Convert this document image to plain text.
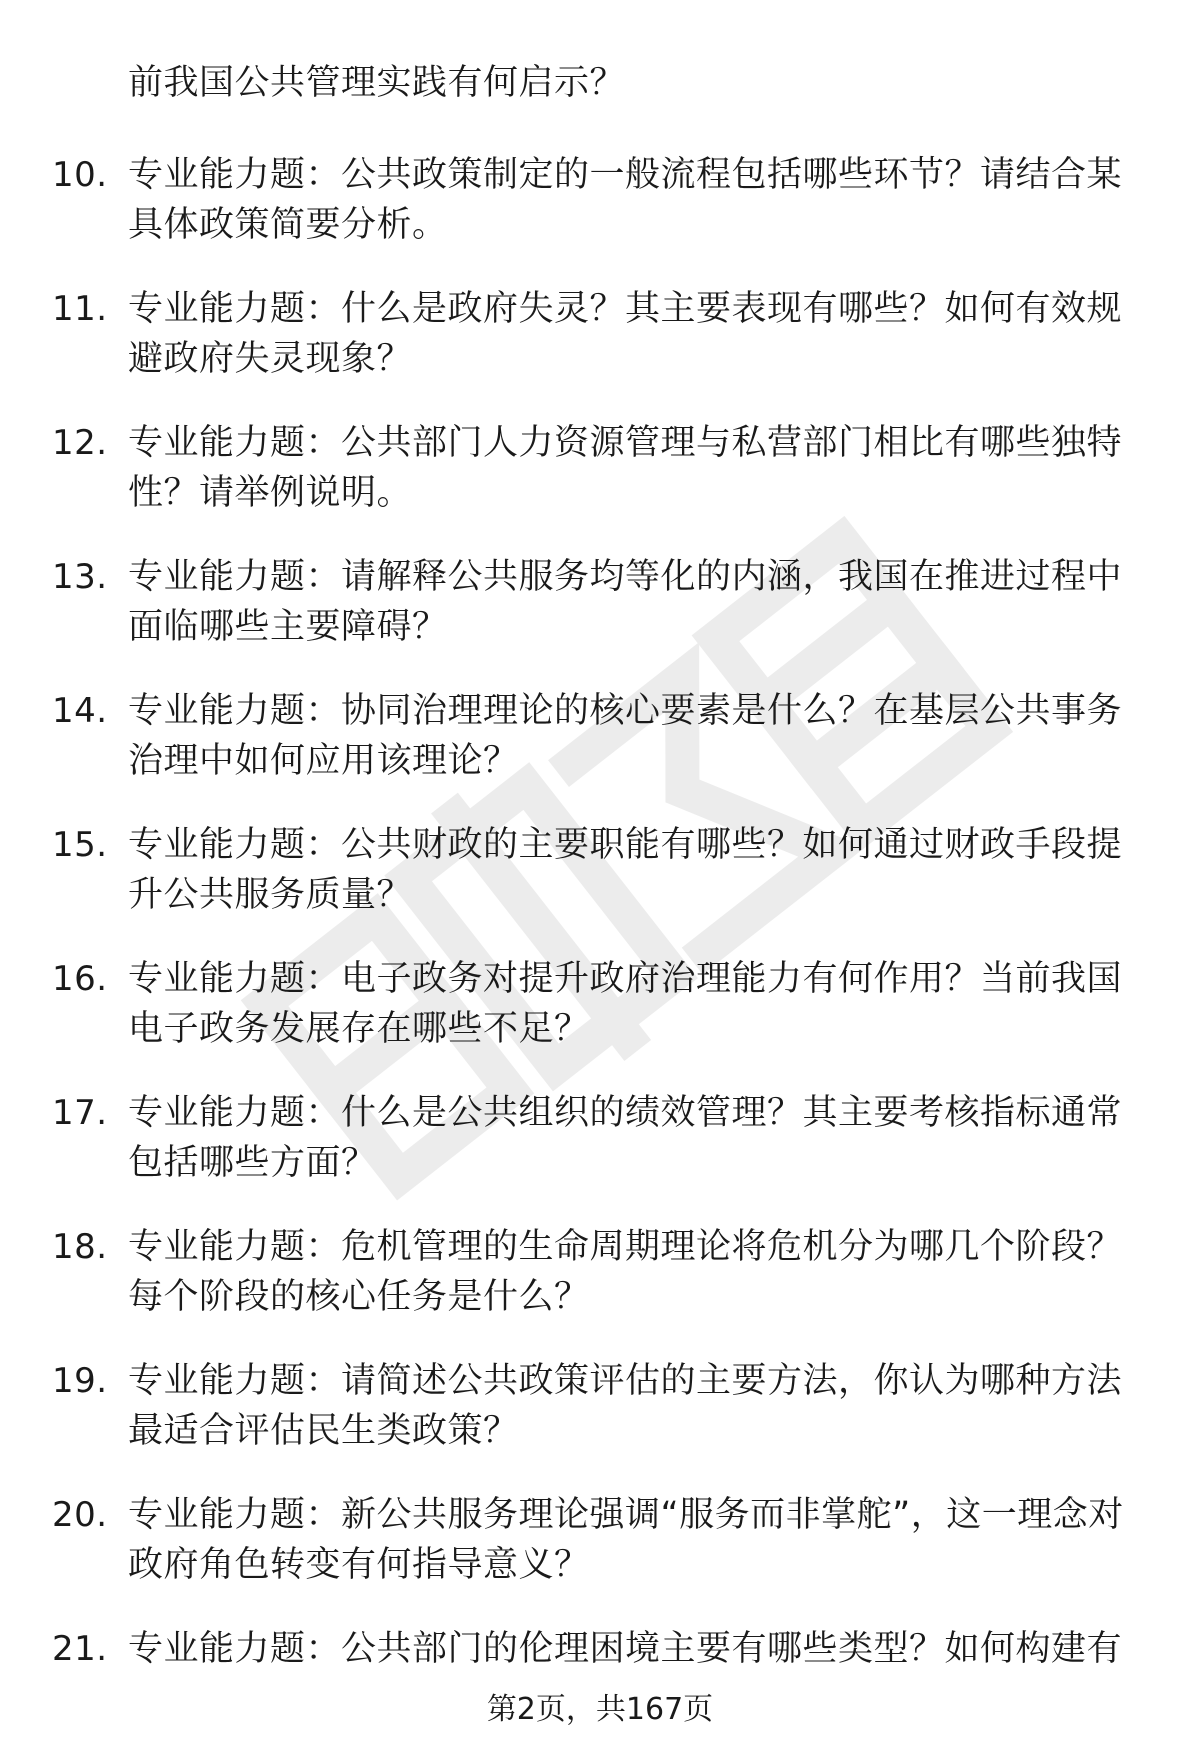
前我国公共管理实践有何启示？
10. 专业能力题：公共政策制定的一般流程包括哪些环节？请结合某具体政策简要分析。
11. 专业能力题：什么是政府失灵？其主要表现有哪些？如何有效规避政府失灵现象？
12. 专业能力题：公共部门人力资源管理与私营部门相比有哪些独特性？请举例说明。
13. 专业能力题：请解释公共服务均等化的内涵，我国在推进过程中面临哪些主要障碍？
14. 专业能力题：协同治理理论的核心要素是什么？在基层公共事务治理中如何应用该理论？
15. 专业能力题：公共财政的主要职能有哪些？如何通过财政手段提升公共服务质量？
16. 专业能力题：电子政务对提升政府治理能力有何作用？当前我国电子政务发展存在哪些不足？
17. 专业能力题：什么是公共组织的绩效管理？其主要考核指标通常包括哪些方面？
18. 专业能力题：危机管理的生命周期理论将危机分为哪几个阶段？每个阶段的核心任务是什么？
19. 专业能力题：请简述公共政策评估的主要方法，你认为哪种方法最适合评估民生类政策？
20. 专业能力题：新公共服务理论强调“服务而非掌舵”，这一理念对政府角色转变有何指导意义？
21. 专业能力题：公共部门的伦理困境主要有哪些类型？如何构建有
第2页，共167页
